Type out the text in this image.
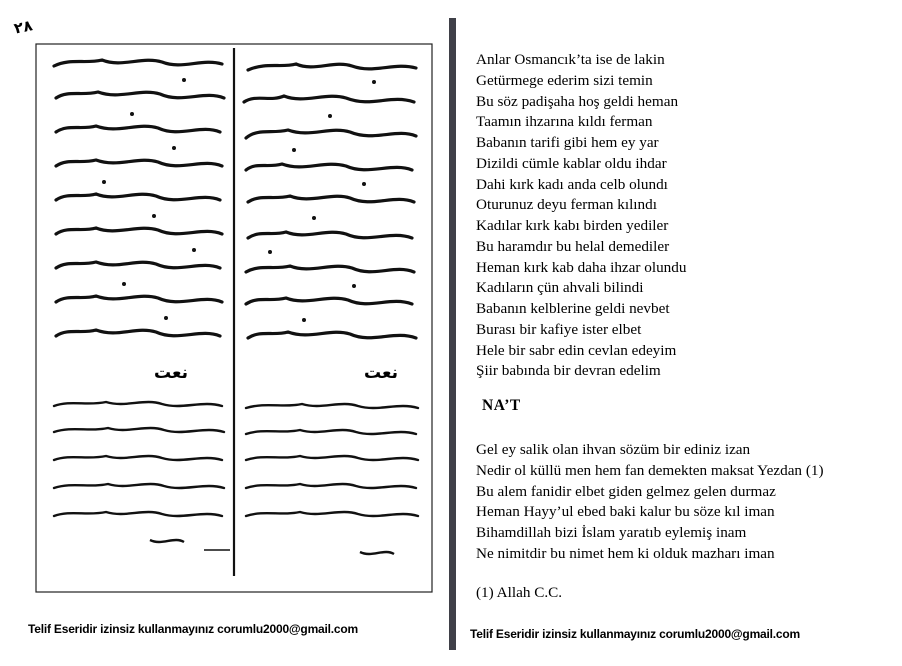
٢٨
نعت	نعت
Telif Eseridir izinsiz kullanmayınız corumlu2000@gmail.com
Anlar Osmancık’ta ise de lakin
Getürmege ederim sizi temin
Bu söz padişaha hoş geldi heman
Taamın ihzarına kıldı ferman
Babanın tarifi gibi hem ey yar
Dizildi cümle kablar oldu ihdar
Dahi kırk kadı anda celb olundı
Oturunuz deyu ferman kılındı
Kadılar kırk kabı birden yediler
Bu haramdır bu helal demediler
Heman kırk kab daha ihzar olundu
Kadıların çün ahvali bilindi
Babanın kelblerine geldi nevbet
Burası bir kafiye ister elbet
Hele bir sabr edin cevlan edeyim
Şiir babında bir devran edelim
NA’T
Gel ey salik olan ihvan sözüm bir ediniz izan
Nedir ol küllü men hem fan demekten maksat Yezdan (1)
Bu alem fanidir elbet giden gelmez gelen durmaz
Heman Hayy’ul ebed baki kalur bu söze kıl iman
Bihamdillah bizi İslam yaratıb eylemiş inam
Ne nimitdir bu nimet hem ki olduk mazharı iman
(1) Allah C.C.
Telif Eseridir izinsiz kullanmayınız corumlu2000@gmail.com
